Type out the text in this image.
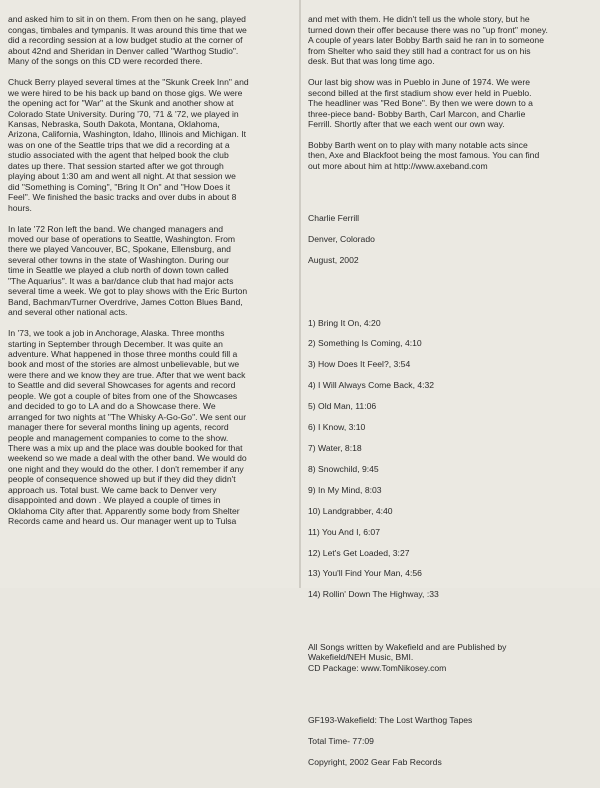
and asked him to sit in on them. From then on he sang, played
congas, timbales and tympanis. It was around this time that we
did a recording session at a low budget studio at the corner of
about 42nd and Sheridan in Denver called "Warthog Studio".
Many of the songs on this CD were recorded there.

Chuck Berry played several times at the "Skunk Creek Inn" and
we were hired to be his back up band on those gigs. We were
the opening act for "War" at the Skunk and another show at
Colorado State University. During '70, '71 & '72, we played in
Kansas, Nebraska, South Dakota, Montana, Oklahoma,
Arizona, California, Washington, Idaho, Illinois and Michigan. It
was on one of the Seattle trips that we did a recording at a
studio associated with the agent that helped book the club
dates up there. That session started after we got through
playing about 1:30 am and went all night. At that session we
did "Something is Coming", "Bring It On" and "How Does it
Feel". We finished the basic tracks and over dubs in about 8
hours.

In late '72 Ron left the band. We changed managers and
moved our base of operations to Seattle, Washington. From
there we played Vancouver, BC, Spokane, Ellensburg, and
several other towns in the state of Washington. During our
time in Seattle we played a club north of down town called
"The Aquarius". It was a bar/dance club that had major acts
several time a week. We got to play shows with the Eric Burton
Band, Bachman/Turner Overdrive, James Cotton Blues Band,
and several other national acts.

In '73, we took a job in Anchorage, Alaska. Three months
starting in September through December. It was quite an
adventure. What happened in those three months could fill a
book and most of the stories are almost unbelievable, but we
were there and we know they are true. After that we went back
to Seattle and did several Showcases for agents and record
people. We got a couple of bites from one of the Showcases
and decided to go to LA and do a Showcase there. We
arranged for two nights at "The Whisky A-Go-Go". We sent our
manager there for several months lining up agents, record
people and management companies to come to the show.
There was a mix up and the place was double booked for that
weekend so we made a deal with the other band. We would do
one night and they would do the other. I don't remember if any
people of consequence showed up but if they did they didn't
approach us. Total bust. We came back to Denver very
disappointed and down . We played a couple of times in
Oklahoma City after that. Apparently some body from Shelter
Records came and heard us. Our manager went up to Tulsa

and met with them. He didn't tell us the whole story, but he
turned down their offer because there was no "up front" money.
A couple of years later Bobby Barth said he ran in to someone
from Shelter who said they still had a contract for us on his
desk. But that was long time ago.

Our last big show was in Pueblo in June of 1974. We were
second billed at the first stadium show ever held in Pueblo.
The headliner was "Red Bone". By then we were down to a
three-piece band- Bobby Barth, Carl Marcon, and Charlie
Ferrill. Shortly after that we each went our own way.

Bobby Barth went on to play with many notable acts since
then, Axe and Blackfoot being the most famous. You can find
out more about him at http://www.axeband.com

Charlie Ferrill

Denver, Colorado

August, 2002

1) Bring It On, 4:20

2) Something Is Coming, 4:10

3) How Does It Feel?, 3:54

4) I Will Always Come Back, 4:32

5) Old Man, 11:06

6) I Know, 3:10

7) Water, 8:18

8) Snowchild, 9:45

9) In My Mind, 8:03

10) Landgrabber, 4:40

11) You And I, 6:07

12) Let's Get Loaded, 3:27

13) You'll Find Your Man, 4:56

14) Rollin' Down The Highway, :33

All Songs written by Wakefield and are Published by
Wakefield/NEH Music, BMI.
CD Package: www.TomNikosey.com

GF193-Wakefield: The Lost Warthog Tapes

Total Time- 77:09

Copyright, 2002 Gear Fab Records
